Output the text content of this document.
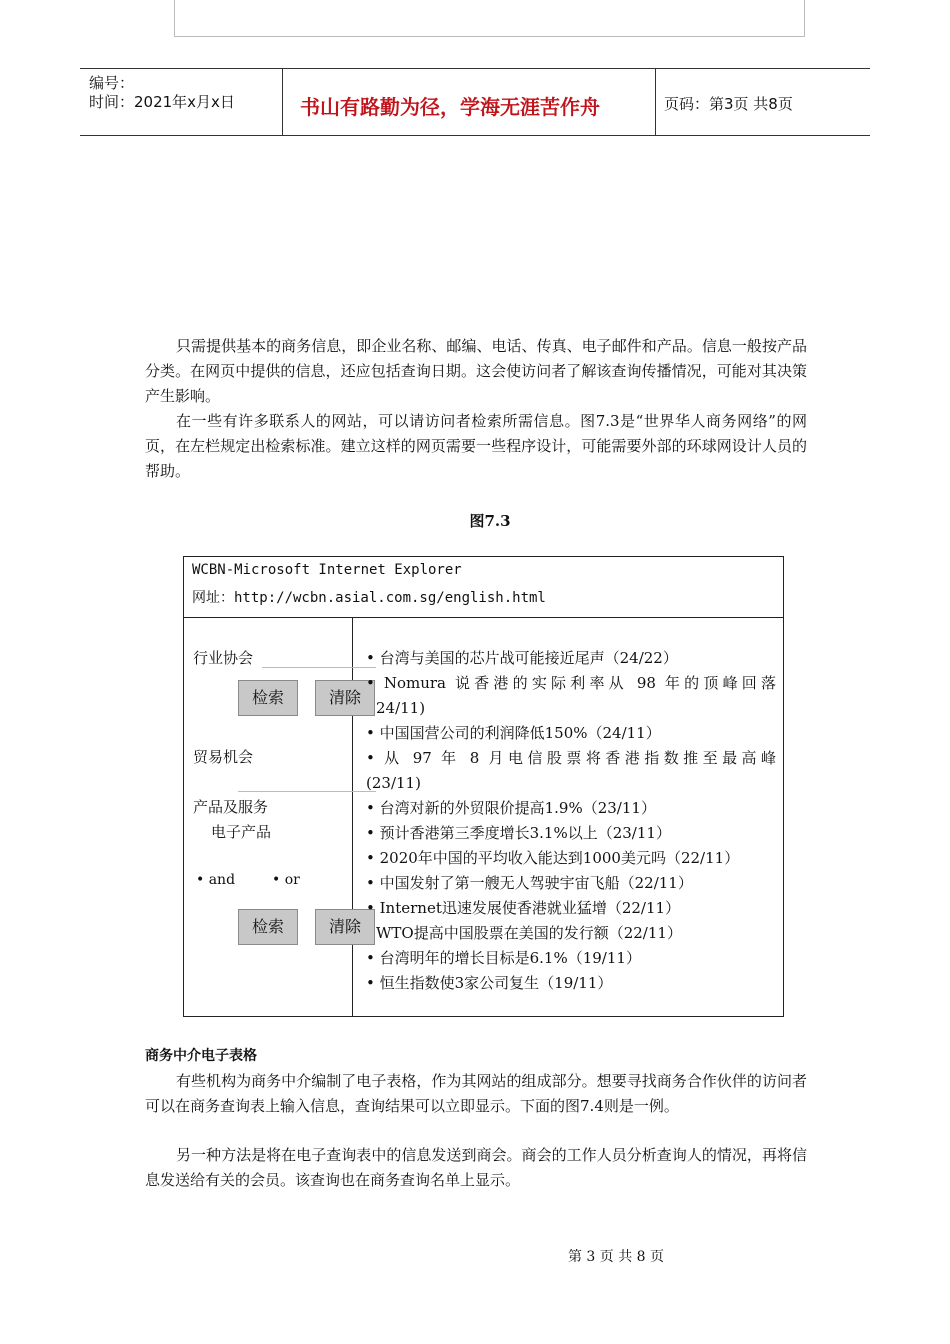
编号：
时间：2021年x月x日	书山有路勤为径，学海无涯苦作舟	页码：第3页 共8页
只需提供基本的商务信息，即企业名称、邮编、电话、传真、电子邮件和产品。信息一般按产品分类。在网页中提供的信息，还应包括查询日期。这会使访问者了解该查询传播情况，可能对其决策产生影响。
在一些有许多联系人的网站，可以请访问者检索所需信息。图7.3是“世界华人商务网络”的网页，在左栏规定出检索标准。建立这样的网页需要一些程序设计，可能需要外部的环球网设计人员的帮助。
图7.3
WCBN-Microsoft Internet Explorer
网址：http://wcbn.asial.com.sg/english.html
行业协会
检索	清除
贸易机会
产品及服务
电子产品
• and	• or
检索	清除
• 台湾与美国的芯片战可能接近尾声（24/22）
• Nomura 说香港的实际利率从 98 年的顶峰回落
24/11)
• 中国国营公司的利润降低150%（24/11）
• 从 97 年 8 月电信股票将香港指数推至最高峰
(23/11)
• 台湾对新的外贸限价提高1.9%（23/11）
• 预计香港第三季度增长3.1%以上（23/11）
• 2020年中国的平均收入能达到1000美元吗（22/11）
• 中国发射了第一艘无人驾驶宇宙飞船（22/11）
• Internet迅速发展使香港就业猛增（22/11）
WTO提高中国股票在美国的发行额（22/11）
• 台湾明年的增长目标是6.1%（19/11）
• 恒生指数使3家公司复生（19/11）
商务中介电子表格
有些机构为商务中介编制了电子表格，作为其网站的组成部分。想要寻找商务合作伙伴的访问者可以在商务查询表上输入信息，查询结果可以立即显示。下面的图7.4则是一例。
另一种方法是将在电子查询表中的信息发送到商会。商会的工作人员分析查询人的情况，再将信息发送给有关的会员。该查询也在商务查询名单上显示。
第 3 页 共 8 页
